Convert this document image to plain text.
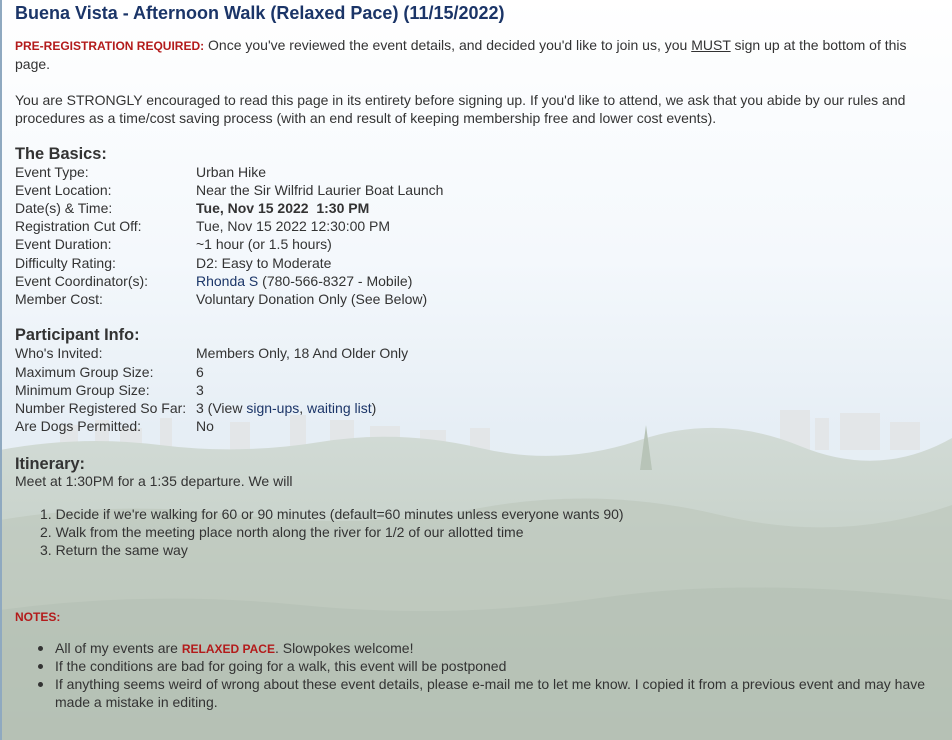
Buena Vista - Afternoon Walk (Relaxed Pace) (11/15/2022)

PRE-REGISTRATION REQUIRED: Once you've reviewed the event details, and decided you'd like to join us, you MUST sign up at the bottom of this page.

You are STRONGLY encouraged to read this page in its entirety before signing up. If you'd like to attend, we ask that you abide by our rules and procedures as a time/cost saving process (with an end result of keeping membership free and lower cost events).

The Basics:
Event Type:	Urban Hike
Event Location:	Near the Sir Wilfrid Laurier Boat Launch
Date(s) & Time:	Tue, Nov 15 2022  1:30 PM
Registration Cut Off:	Tue, Nov 15 2022 12:30:00 PM
Event Duration:	~1 hour (or 1.5 hours)
Difficulty Rating:	D2: Easy to Moderate
Event Coordinator(s):	Rhonda S (780-566-8327 - Mobile)
Member Cost:	Voluntary Donation Only (See Below)
Participant Info:
Who's Invited:	Members Only, 18 And Older Only
Maximum Group Size:	6
Minimum Group Size:	3
Number Registered So Far: 3 (View sign-ups, waiting list)
Are Dogs Permitted:	No
Itinerary:
Meet at 1:30PM for a 1:35 departure. We will
1. Decide if we're walking for 60 or 90 minutes (default=60 minutes unless everyone wants 90)
2. Walk from the meeting place north along the river for 1/2 of our allotted time
3. Return the same way
NOTES:
All of my events are RELAXED PACE. Slowpokes welcome!
If the conditions are bad for going for a walk, this event will be postponed
If anything seems weird of wrong about these event details, please e-mail me to let me know. I copied it from a previous event and may have made a mistake in editing.
